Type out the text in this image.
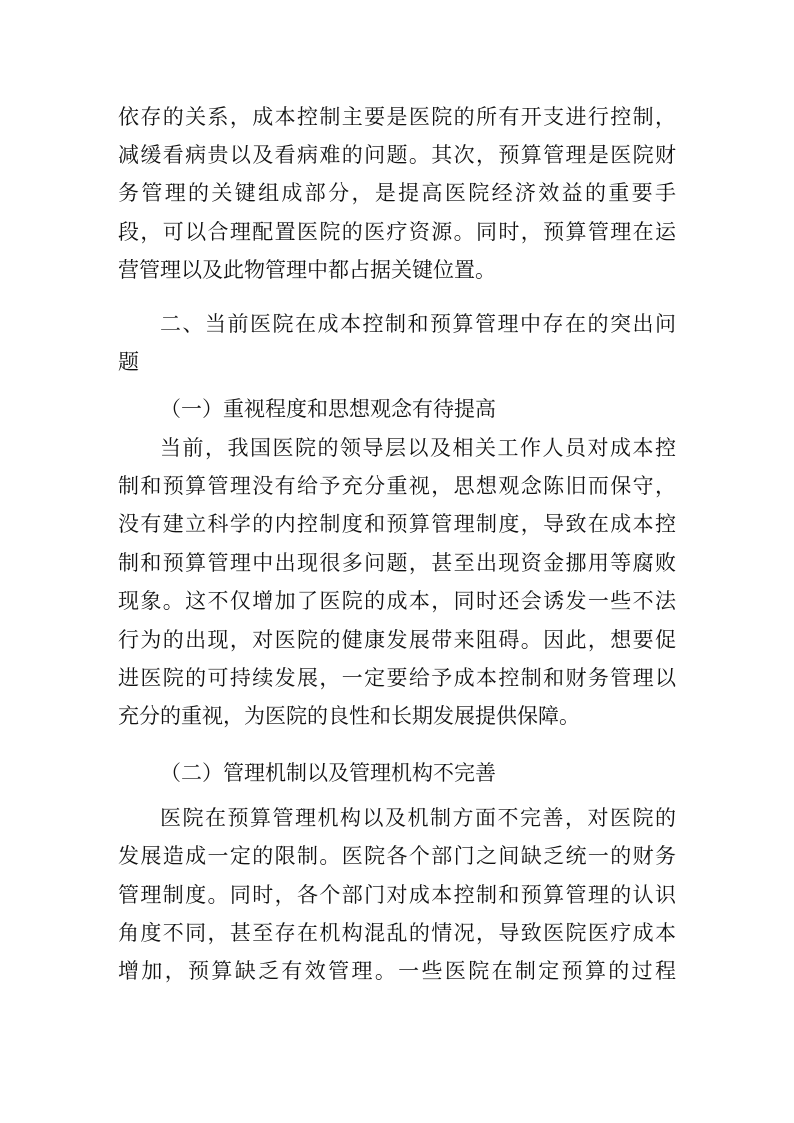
依存的关系，成本控制主要是医院的所有开支进行控制，
减缓看病贵以及看病难的问题。其次，预算管理是医院财
务管理的关键组成部分，是提高医院经济效益的重要手
段，可以合理配置医院的医疗资源。同时，预算管理在运
营管理以及此物管理中都占据关键位置。
二、当前医院在成本控制和预算管理中存在的突出问
题
（一）重视程度和思想观念有待提高
当前，我国医院的领导层以及相关工作人员对成本控
制和预算管理没有给予充分重视，思想观念陈旧而保守，
没有建立科学的内控制度和预算管理制度，导致在成本控
制和预算管理中出现很多问题，甚至出现资金挪用等腐败
现象。这不仅增加了医院的成本，同时还会诱发一些不法
行为的出现，对医院的健康发展带来阻碍。因此，想要促
进医院的可持续发展，一定要给予成本控制和财务管理以
充分的重视，为医院的良性和长期发展提供保障。
（二）管理机制以及管理机构不完善
医院在预算管理机构以及机制方面不完善，对医院的
发展造成一定的限制。医院各个部门之间缺乏统一的财务
管理制度。同时，各个部门对成本控制和预算管理的认识
角度不同，甚至存在机构混乱的情况，导致医院医疗成本
增加，预算缺乏有效管理。一些医院在制定预算的过程
